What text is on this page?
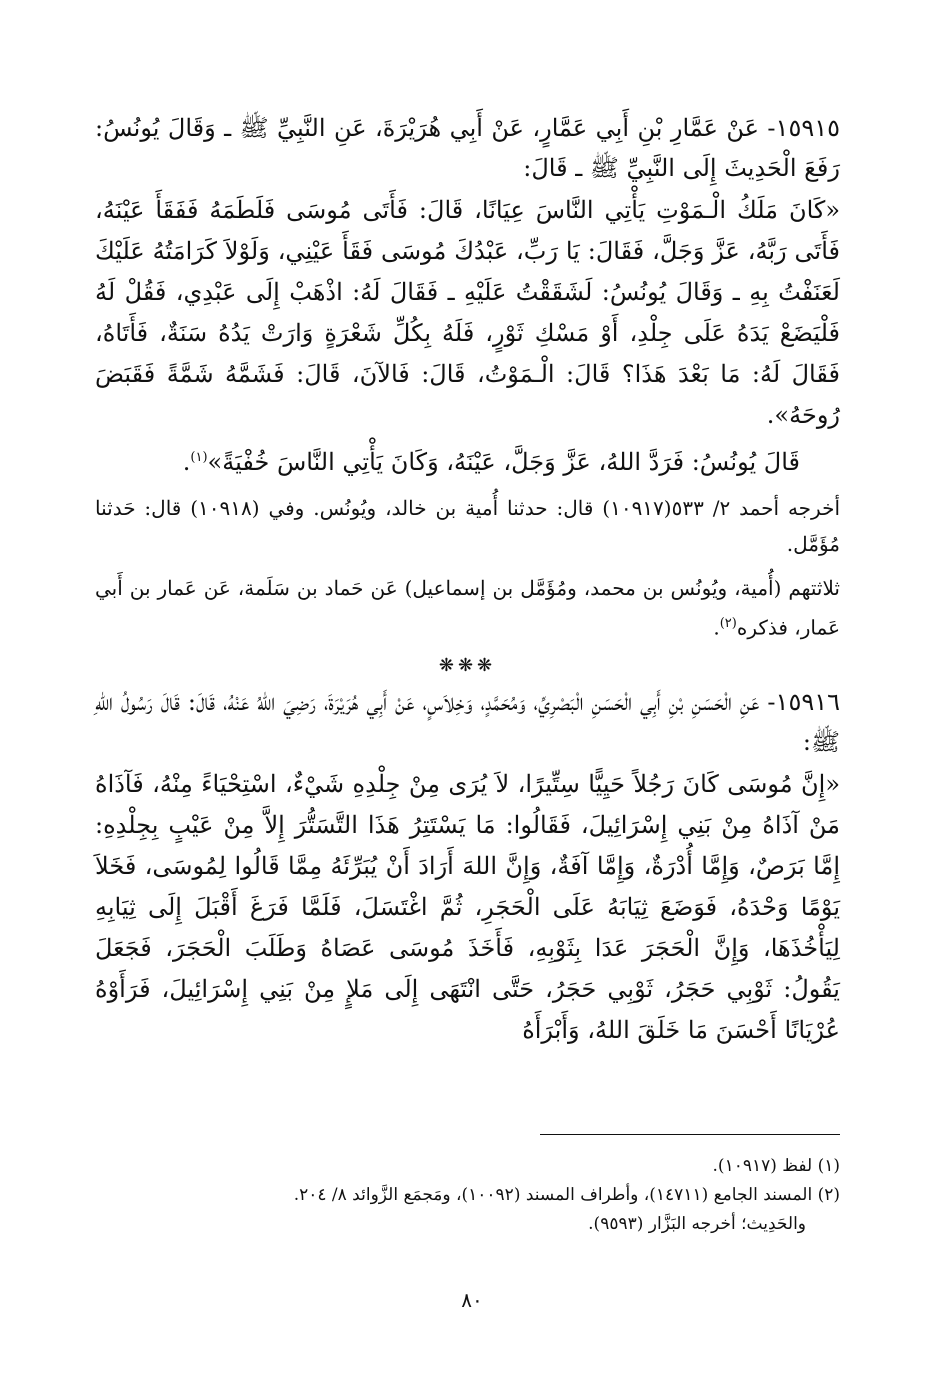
١٥٩١٥- عَنْ عَمَّارِ بْنِ أَبِي عَمَّارٍ، عَنْ أَبِي هُرَيْرَةَ، عَنِ النَّبِيِّ ﷺ ـ وَقَالَ يُونُسُ: رَفَعَ الْحَدِيثَ إِلَى النَّبِيِّ ﷺ ـ قَالَ:

«كَانَ مَلَكُ الْـمَوْتِ يَأْتِي النَّاسَ عِيَانًا، قَالَ: فَأَتَى مُوسَى فَلَطَمَهُ فَفَقَأَ عَيْنَهُ، فَأَتَى رَبَّهُ، عَزَّ وَجَلَّ، فَقَالَ: يَا رَبِّ، عَبْدُكَ مُوسَى فَقَأَ عَيْنِي، وَلَوْلاَ كَرَامَتُهُ عَلَيْكَ لَعَنَفْتُ بِهِ ـ وَقَالَ يُونُسُ: لَشَقَقْتُ عَلَيْهِ ـ فَقَالَ لَهُ: اذْهَبْ إِلَى عَبْدِي، فَقُلْ لَهُ فَلْيَضَعْ يَدَهُ عَلَى جِلْدِ، أَوْ مَسْكِ ثَوْرٍ، فَلَهُ بِكُلِّ شَعْرَةٍ وَارَتْ يَدُهُ سَنَةٌ، فَأَتَاهُ، فَقَالَ لَهُ: مَا بَعْدَ هَذَا؟ قَالَ: الْـمَوْتُ، قَالَ: فَالآنَ، قَالَ: فَشَمَّهُ شَمَّةً فَقَبَضَ رُوحَهُ».

قَالَ يُونُسُ: فَرَدَّ اللهُ، عَزَّ وَجَلَّ، عَيْنَهُ، وَكَانَ يَأْتِي النَّاسَ خُفْيَةً»$^{(١)}$.

أخرجه أحمد ٢/ ٥٣٣(١٠٩١٧) قال: حدثنا أُمية بن خالد، ويُونُس. وفي (١٠٩١٨) قال: حَدثنا مُؤَمَّل.

ثلاثتهم (أُمية، ويُونُس بن محمد، ومُؤَمَّل بن إسماعيل) عَن حَماد بن سَلَمة، عَن عَمار بن أَبي عَمار، فذكره$^{(٢)}$.

❋❋❋

١٥٩١٦- عَنِ الْحَسَنِ بْنِ أَبِي الْحَسَنِ الْبَصْرِيِّ، وَمُحَمَّدٍ، وَخِلاَسٍ، عَنْ أَبِي هُرَيْرَةَ، رَضِيَ اللهُ عَنْهُ، قَالَ: قَالَ رَسُولُ اللهِ ﷺ:

«إِنَّ مُوسَى كَانَ رَجُلاً حَيِيًّا سِتِّيرًا، لاَ يُرَى مِنْ جِلْدِهِ شَيْءٌ، اسْتِحْيَاءً مِنْهُ، فَآذَاهُ مَنْ آذَاهُ مِنْ بَنِي إِسْرَائِيلَ، فَقَالُوا: مَا يَسْتَتِرُ هَذَا التَّسَتُّرَ إِلاَّ مِنْ عَيْبٍ بِجِلْدِهِ: إِمَّا بَرَصٌ، وَإِمَّا أُدْرَةٌ، وَإِمَّا آفَةٌ، وَإِنَّ اللهَ أَرَادَ أَنْ يُبَرِّئَهُ مِمَّا قَالُوا لِمُوسَى، فَخَلاَ يَوْمًا وَحْدَهُ، فَوَضَعَ ثِيَابَهُ عَلَى الْحَجَرِ، ثُمَّ اغْتَسَلَ، فَلَمَّا فَرَغَ أَقْبَلَ إِلَى ثِيَابِهِ لِيَأْخُذَهَا، وَإِنَّ الْحَجَرَ عَدَا بِثَوْبِهِ، فَأَخَذَ مُوسَى عَصَاهُ وَطَلَبَ الْحَجَرَ، فَجَعَلَ يَقُولُ: ثَوْبِي حَجَرُ، ثَوْبِي حَجَرُ، حَتَّى انْتَهَى إِلَى مَلإٍ مِنْ بَنِي إِسْرَائِيلَ، فَرَأَوْهُ عُرْيَانًا أَحْسَنَ مَا خَلَقَ اللهُ، وَأَبْرَأَهُ

(١) لفظ (١٠٩١٧).

(٢) المسند الجامع (١٤٧١١)، وأطراف المسند (١٠٠٩٢)، ومَجمَع الزَّوائد ٨/ ٢٠٤.

والحَدِيث؛ أخرجه البَزَّار (٩٥٩٣).

٨٠
